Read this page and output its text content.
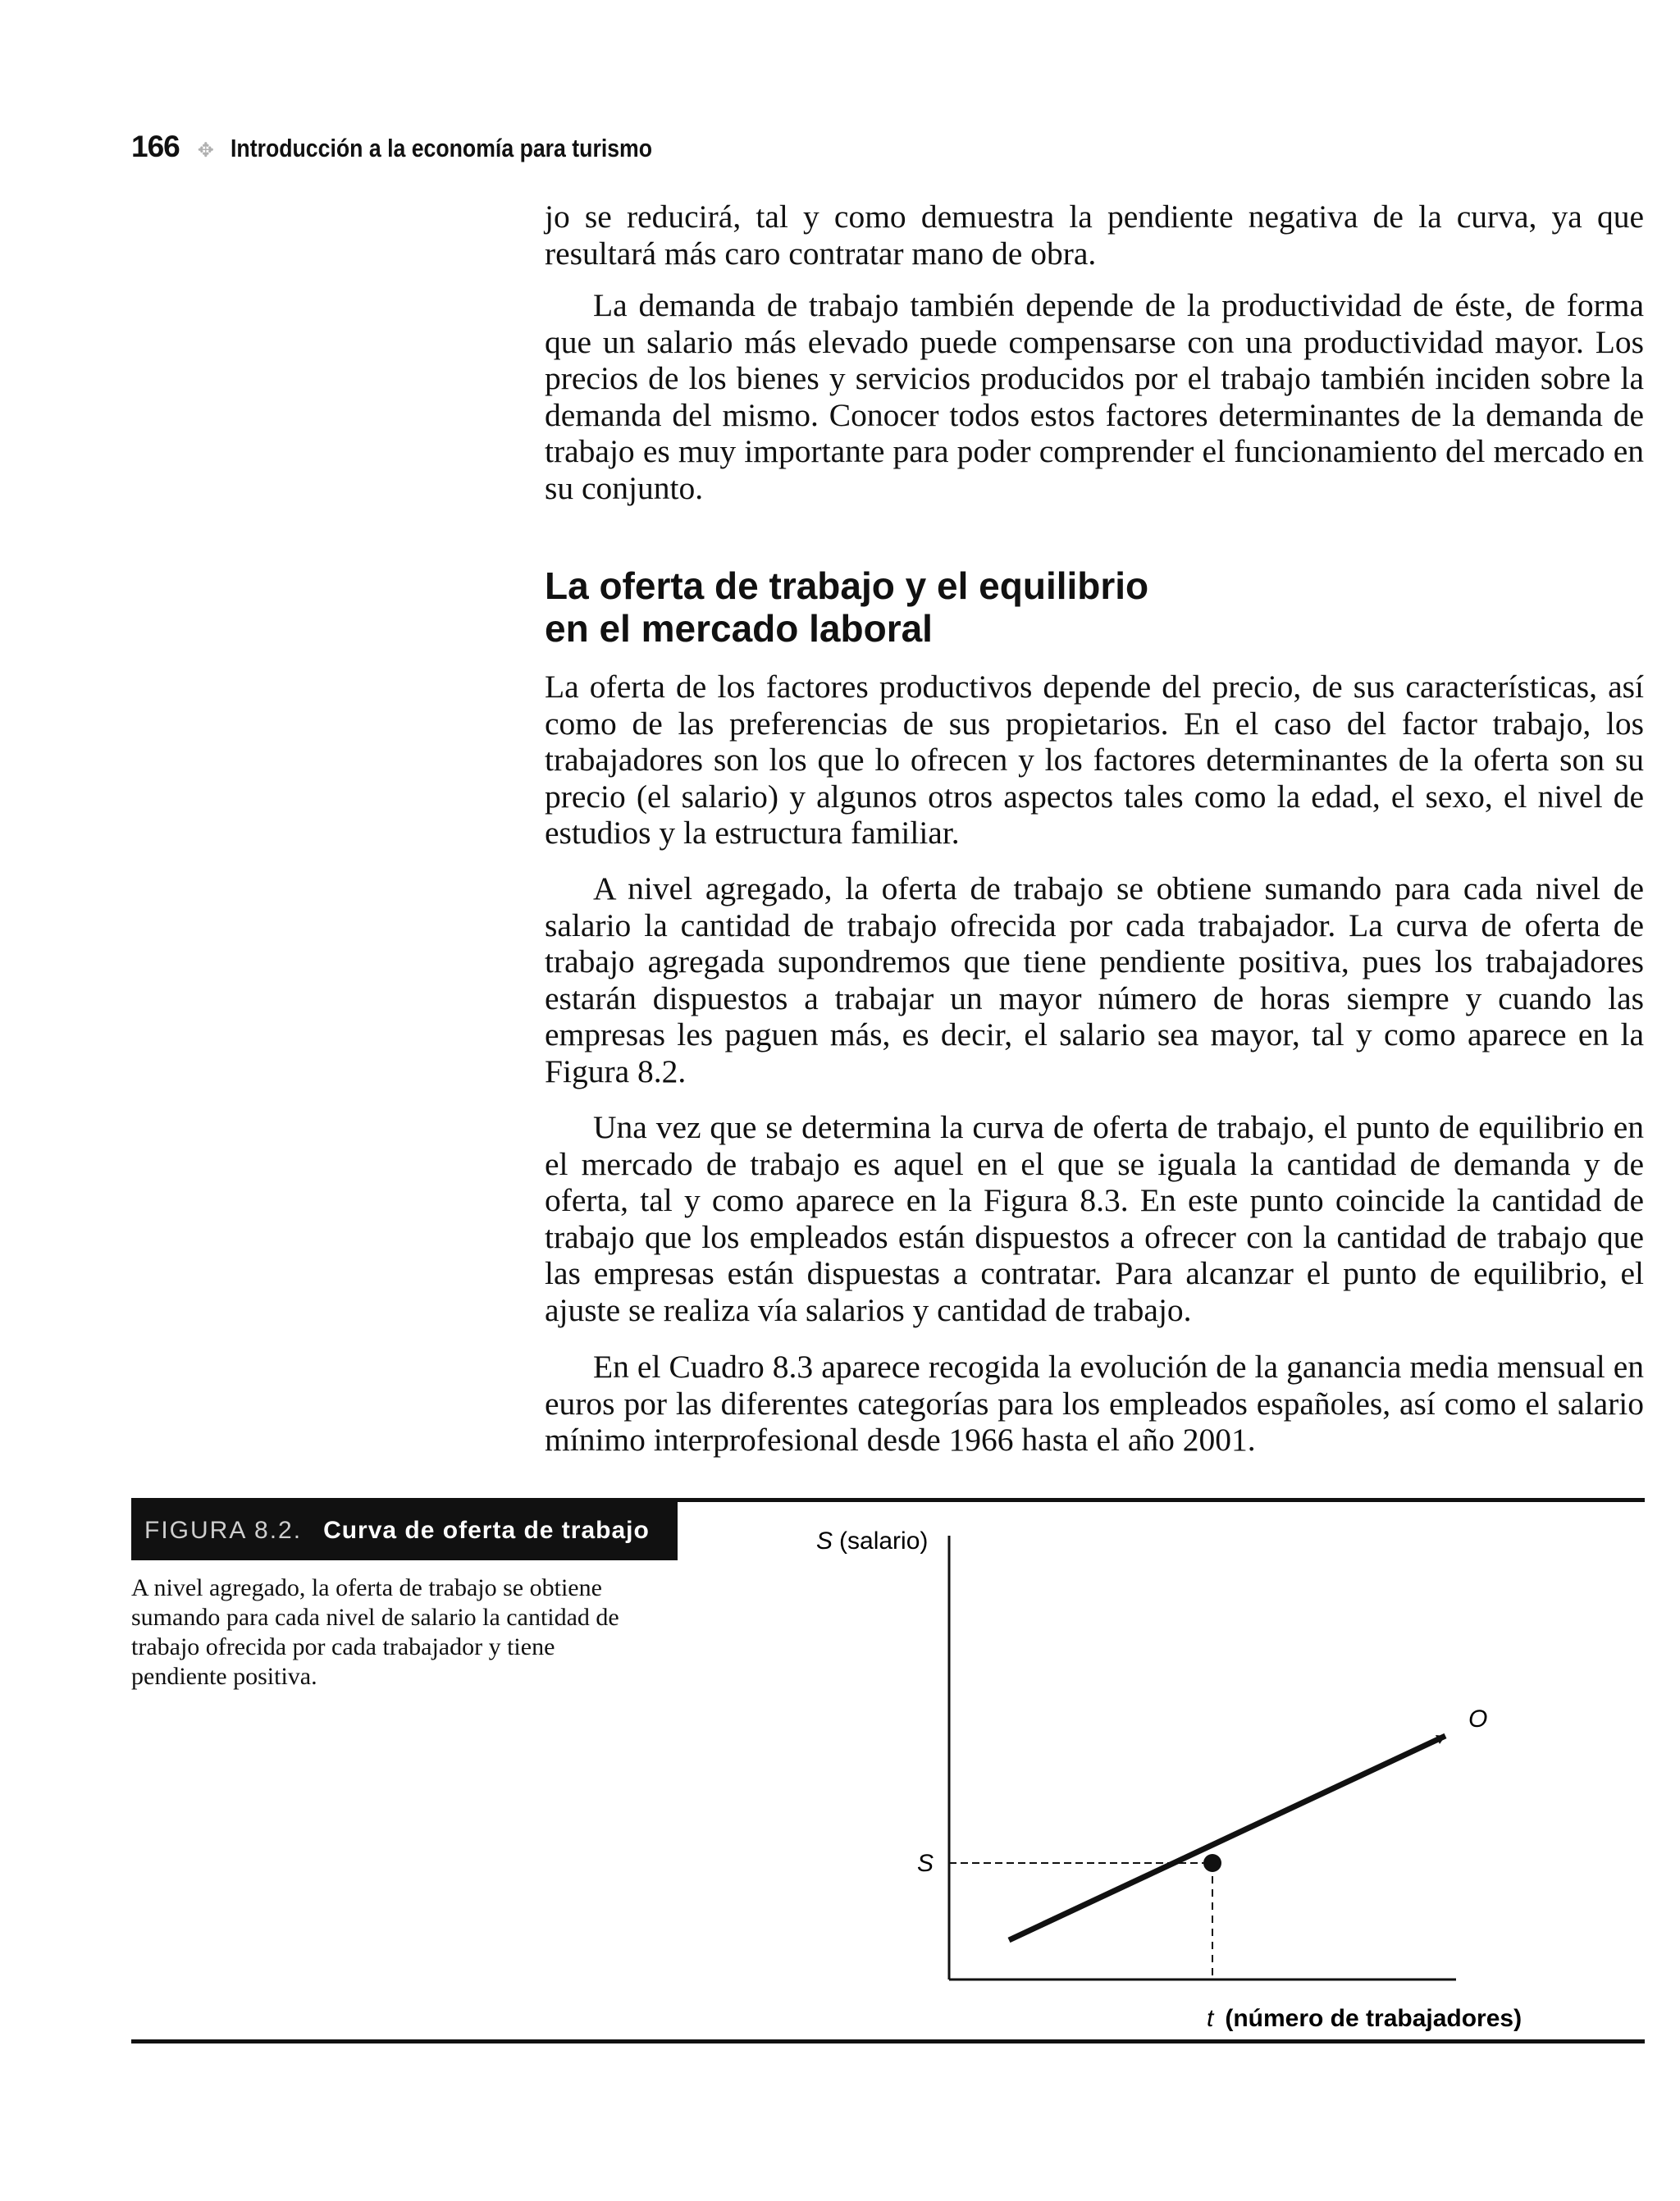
166 ✥ Introducción a la economía para turismo

jo se reducirá, tal y como demuestra la pendiente negativa de la curva, ya que resultará más caro contratar mano de obra.

La demanda de trabajo también depende de la productividad de éste, de forma que un salario más elevado puede compensarse con una productividad mayor. Los precios de los bienes y servicios producidos por el trabajo también inciden sobre la demanda del mismo. Conocer todos estos factores determinantes de la demanda de trabajo es muy importante para poder comprender el funcionamiento del mercado en su conjunto.

La oferta de trabajo y el equilibrio
en el mercado laboral

La oferta de los factores productivos depende del precio, de sus características, así como de las preferencias de sus propietarios. En el caso del factor trabajo, los trabajadores son los que lo ofrecen y los factores determinantes de la oferta son su precio (el salario) y algunos otros aspectos tales como la edad, el sexo, el nivel de estudios y la estructura familiar.

A nivel agregado, la oferta de trabajo se obtiene sumando para cada nivel de salario la cantidad de trabajo ofrecida por cada trabajador. La curva de oferta de trabajo agregada supondremos que tiene pendiente positiva, pues los trabajadores estarán dispuestos a trabajar un mayor número de horas siempre y cuando las empresas les paguen más, es decir, el salario sea mayor, tal y como aparece en la Figura 8.2.

Una vez que se determina la curva de oferta de trabajo, el punto de equilibrio en el mercado de trabajo es aquel en el que se iguala la cantidad de demanda y de oferta, tal y como aparece en la Figura 8.3. En este punto coincide la cantidad de trabajo que los empleados están dispuestos a ofrecer con la cantidad de trabajo que las empresas están dispuestas a contratar. Para alcanzar el punto de equilibrio, el ajuste se realiza vía salarios y cantidad de trabajo.

En el Cuadro 8.3 aparece recogida la evolución de la ganancia media mensual en euros por las diferentes categorías para los empleados españoles, así como el salario mínimo interprofesional desde 1966 hasta el año 2001.

FIGURA 8.2. Curva de oferta de trabajo

A nivel agregado, la oferta de trabajo se obtiene sumando para cada nivel de salario la cantidad de trabajo ofrecida por cada trabajador y tiene pendiente positiva.

S (salario)
O
S
t (número de trabajadores)
